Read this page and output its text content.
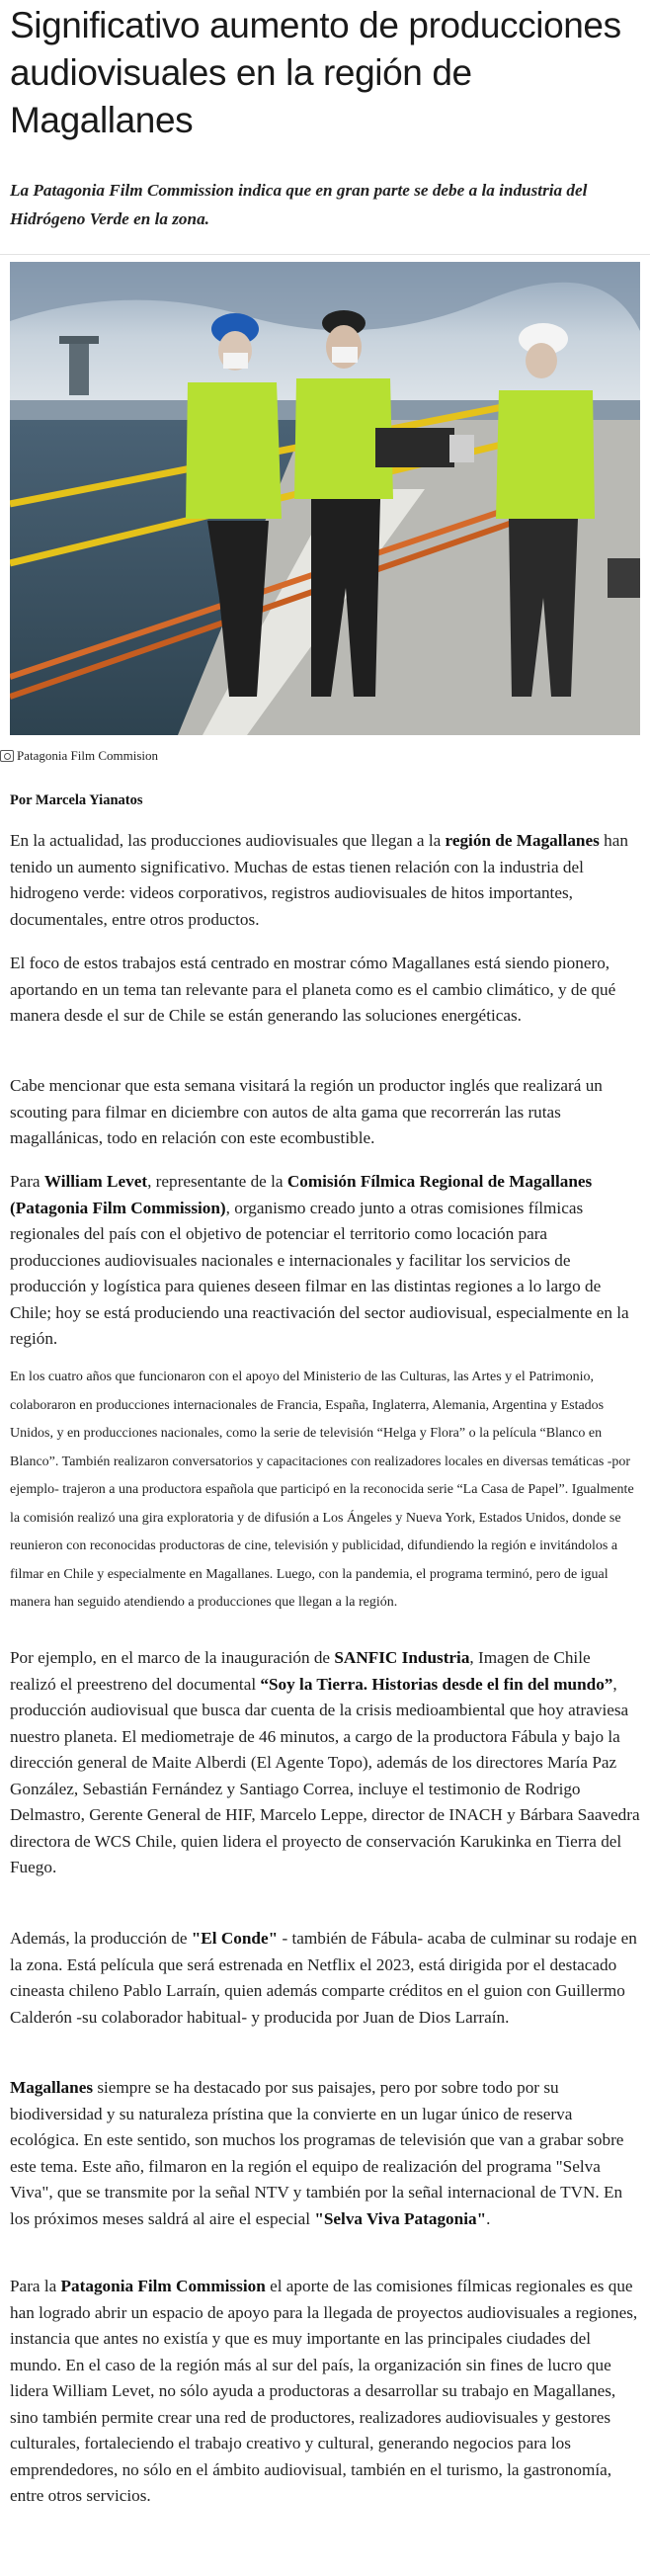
Significativo aumento de producciones audiovisuales en la región de Magallanes

La Patagonia Film Commission indica que en gran parte se debe a la industria del Hidrógeno Verde en la zona.

Patagonia Film Commision
Por Marcela Yianatos

En la actualidad, las producciones audiovisuales que llegan a la región de Magallanes han tenido un aumento significativo. Muchas de estas tienen relación con la industria del hidrogeno verde: videos corporativos, registros audiovisuales de hitos importantes, documentales, entre otros productos.

El foco de estos trabajos está centrado en mostrar cómo Magallanes está siendo pionero, aportando en un tema tan relevante para el planeta como es el cambio climático, y de qué manera desde el sur de Chile se están generando las soluciones energéticas.

Cabe mencionar que esta semana visitará la región un productor inglés que realizará un scouting para filmar en diciembre con autos de alta gama que recorrerán las rutas magallánicas, todo en relación con este ecombustible.

Para William Levet, representante de la Comisión Fílmica Regional de Magallanes (Patagonia Film Commission), organismo creado junto a otras comisiones fílmicas regionales del país con el objetivo de potenciar el territorio como locación para producciones audiovisuales nacionales e internacionales y facilitar los servicios de producción y logística para quienes deseen filmar en las distintas regiones a lo largo de Chile; hoy se está produciendo una reactivación del sector audiovisual, especialmente en la región.

En los cuatro años que funcionaron con el apoyo del Ministerio de las Culturas, las Artes y el Patrimonio, colaboraron en producciones internacionales de Francia, España, Inglaterra, Alemania, Argentina y Estados Unidos, y en producciones nacionales, como la serie de televisión “Helga y Flora” o la película “Blanco en Blanco”. También realizaron conversatorios y capacitaciones con realizadores locales en diversas temáticas -por ejemplo- trajeron a una productora española que participó en la reconocida serie “La Casa de Papel”. Igualmente la comisión realizó una gira exploratoria y de difusión a Los Ángeles y Nueva York, Estados Unidos, donde se reunieron con reconocidas productoras de cine, televisión y publicidad, difundiendo la región e invitándolos a filmar en Chile y especialmente en Magallanes. Luego, con la pandemia, el programa terminó, pero de igual manera han seguido atendiendo a producciones que llegan a la región.

Por ejemplo, en el marco de la inauguración de SANFIC Industria, Imagen de Chile realizó el preestreno del documental “Soy la Tierra. Historias desde el fin del mundo”, producción audiovisual que busca dar cuenta de la crisis medioambiental que hoy atraviesa nuestro planeta. El mediometraje de 46 minutos, a cargo de la productora Fábula y bajo la dirección general de Maite Alberdi (El Agente Topo), además de los directores María Paz González, Sebastián Fernández y Santiago Correa, incluye el testimonio de Rodrigo Delmastro, Gerente General de HIF, Marcelo Leppe, director de INACH y Bárbara Saavedra directora de WCS Chile, quien lidera el proyecto de conservación Karukinka en Tierra del Fuego.

Además, la producción de "El Conde" - también de Fábula- acaba de culminar su rodaje en la zona. Está película que será estrenada en Netflix el 2023, está dirigida por el destacado cineasta chileno Pablo Larraín, quien además comparte créditos en el guion con Guillermo Calderón -su colaborador habitual- y producida por Juan de Dios Larraín.

Magallanes siempre se ha destacado por sus paisajes, pero por sobre todo por su biodiversidad y su naturaleza prístina que la convierte en un lugar único de reserva ecológica. En este sentido, son muchos los programas de televisión que van a grabar sobre este tema. Este año, filmaron en la región el equipo de realización del programa "Selva Viva", que se transmite por la señal NTV y también por la señal internacional de TVN. En los próximos meses saldrá al aire el especial "Selva Viva Patagonia".

Para la Patagonia Film Commission el aporte de las comisiones fílmicas regionales es que han logrado abrir un espacio de apoyo para la llegada de proyectos audiovisuales a regiones, instancia que antes no existía y que es muy importante en las principales ciudades del mundo. En el caso de la región más al sur del país, la organización sin fines de lucro que lidera William Levet, no sólo ayuda a productoras a desarrollar su trabajo en Magallanes, sino también permite crear una red de productores, realizadores audiovisuales y gestores culturales, fortaleciendo el trabajo creativo y cultural, generando negocios para los emprendedores, no sólo en el ámbito audiovisual, también en el turismo, la gastronomía, entre otros servicios.
